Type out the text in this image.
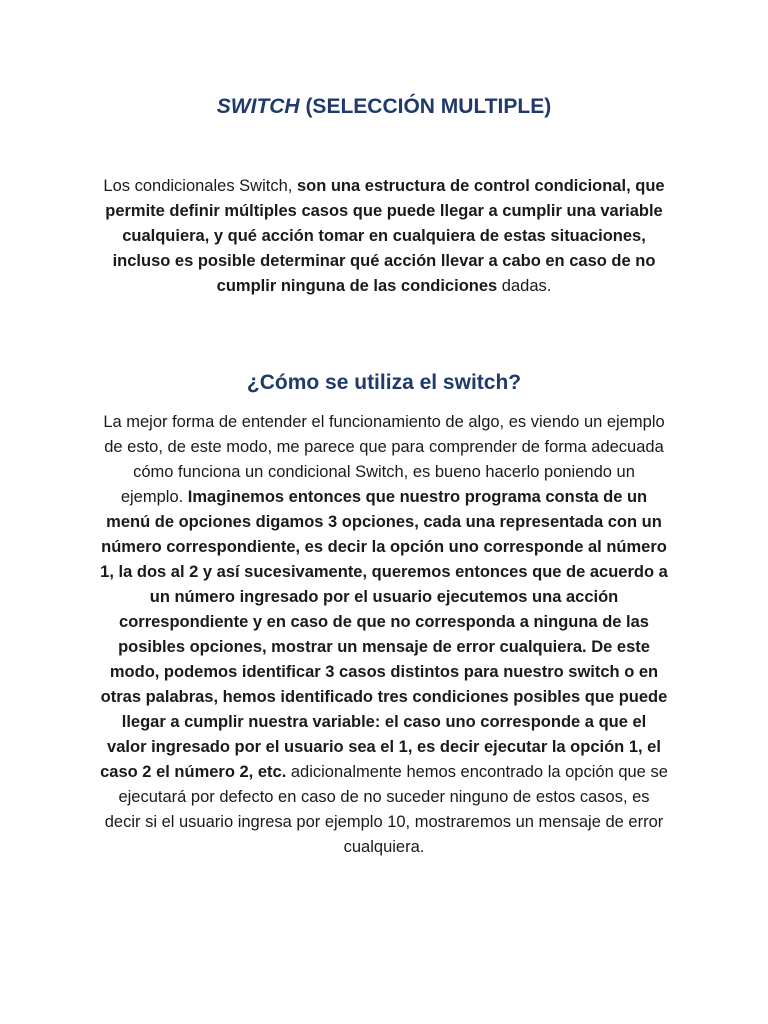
SWITCH (SELECCIÓN MULTIPLE)

Los condicionales Switch, son una estructura de control condicional, que permite definir múltiples casos que puede llegar a cumplir una variable cualquiera, y qué acción tomar en cualquiera de estas situaciones, incluso es posible determinar qué acción llevar a cabo en caso de no cumplir ninguna de las condiciones dadas.

¿Cómo se utiliza el switch?

La mejor forma de entender el funcionamiento de algo, es viendo un ejemplo de esto, de este modo, me parece que para comprender de forma adecuada cómo funciona un condicional Switch, es bueno hacerlo poniendo un ejemplo. Imaginemos entonces que nuestro programa consta de un menú de opciones digamos 3 opciones, cada una representada con un número correspondiente, es decir la opción uno corresponde al número 1, la dos al 2 y así sucesivamente, queremos entonces que de acuerdo a un número ingresado por el usuario ejecutemos una acción correspondiente y en caso de que no corresponda a ninguna de las posibles opciones, mostrar un mensaje de error cualquiera. De este modo, podemos identificar 3 casos distintos para nuestro switch o en otras palabras, hemos identificado tres condiciones posibles que puede llegar a cumplir nuestra variable: el caso uno corresponde a que el valor ingresado por el usuario sea el 1, es decir ejecutar la opción 1, el caso 2 el número 2, etc. adicionalmente hemos encontrado la opción que se ejecutará por defecto en caso de no suceder ninguno de estos casos, es decir si el usuario ingresa por ejemplo 10, mostraremos un mensaje de error cualquiera.
